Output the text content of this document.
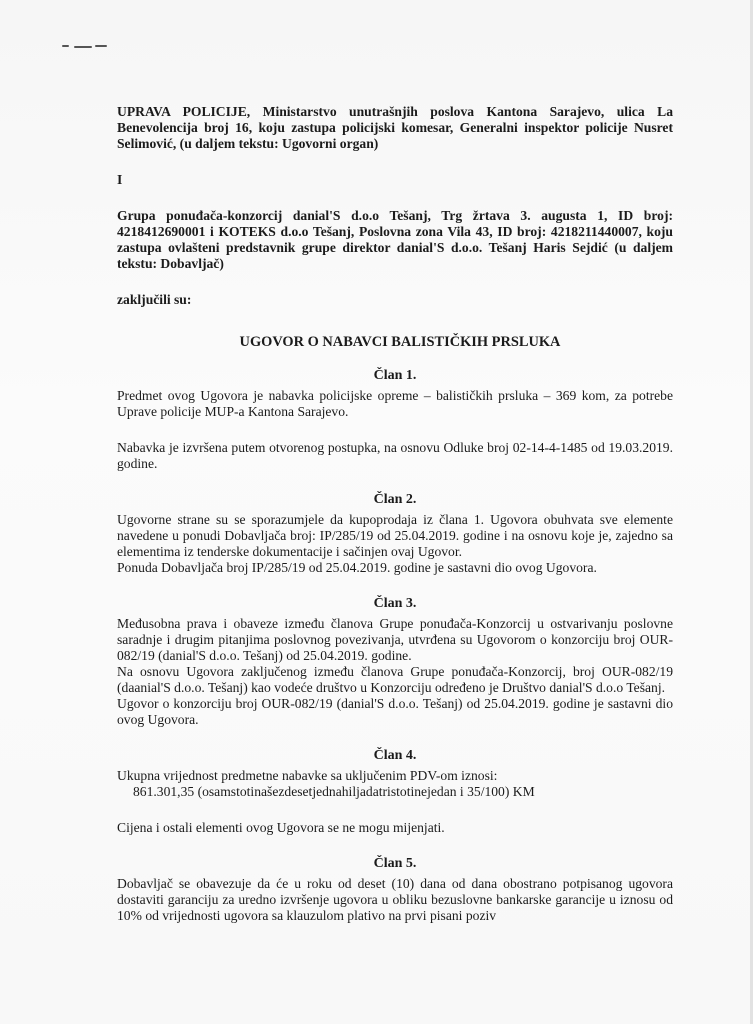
UPRAVA POLICIJE, Ministarstvo unutrašnjih poslova Kantona Sarajevo, ulica La Benevolencija broj 16, koju zastupa policijski komesar, Generalni inspektor policije Nusret Selimović, (u daljem tekstu: Ugovorni organ)

I

Grupa ponuđača-konzorcij danial'S d.o.o Tešanj, Trg žrtava 3. augusta 1, ID broj: 4218412690001 i KOTEKS d.o.o Tešanj, Poslovna zona Vila 43, ID broj: 4218211440007, koju zastupa ovlašteni predstavnik grupe direktor danial'S d.o.o. Tešanj Haris Sejdić (u daljem tekstu: Dobavljač)

zaključili su:

UGOVOR O NABAVCI BALISTIČKIH PRSLUKA
Član 1.

Predmet ovog Ugovora je nabavka policijske opreme – balističkih prsluka – 369 kom, za potrebe Uprave policije MUP-a Kantona Sarajevo.

Nabavka je izvršena putem otvorenog postupka, na osnovu Odluke broj 02-14-4-1485 od 19.03.2019. godine.

Član 2.

Ugovorne strane su se sporazumjele da kupoprodaja iz člana 1. Ugovora obuhvata sve elemente navedene u ponudi Dobavljača broj: IP/285/19 od 25.04.2019. godine i na osnovu koje je, zajedno sa elementima iz tenderske dokumentacije i sačinjen ovaj Ugovor.

Ponuda Dobavljača broj IP/285/19 od 25.04.2019. godine je sastavni dio ovog Ugovora.

Član 3.

Međusobna prava i obaveze između članova Grupe ponuđača-Konzorcij u ostvarivanju poslovne saradnje i drugim pitanjima poslovnog povezivanja, utvrđena su Ugovorom o konzorciju broj OUR-082/19 (danial'S d.o.o. Tešanj) od 25.04.2019. godine.

Na osnovu Ugovora zaključenog između članova Grupe ponuđača-Konzorcij, broj OUR-082/19 (daanial'S d.o.o. Tešanj) kao vodeće društvo u Konzorciju određeno je Društvo danial'S d.o.o Tešanj.

Ugovor o konzorciju broj OUR-082/19 (danial'S d.o.o. Tešanj) od 25.04.2019. godine je sastavni dio ovog Ugovora.

Član 4.

Ukupna vrijednost predmetne nabavke sa uključenim PDV-om iznosi:

861.301,35 (osamstotinašezdesetjednahiljadatristotinejedan i 35/100) KM

Cijena i ostali elementi ovog Ugovora se ne mogu mijenjati.

Član 5.

Dobavljač se obavezuje da će u roku od deset (10) dana od dana obostrano potpisanog ugovora dostaviti garanciju za uredno izvršenje ugovora u obliku bezuslovne bankarske garancije u iznosu od 10% od vrijednosti ugovora sa klauzulom plativo na prvi pisani poziv
